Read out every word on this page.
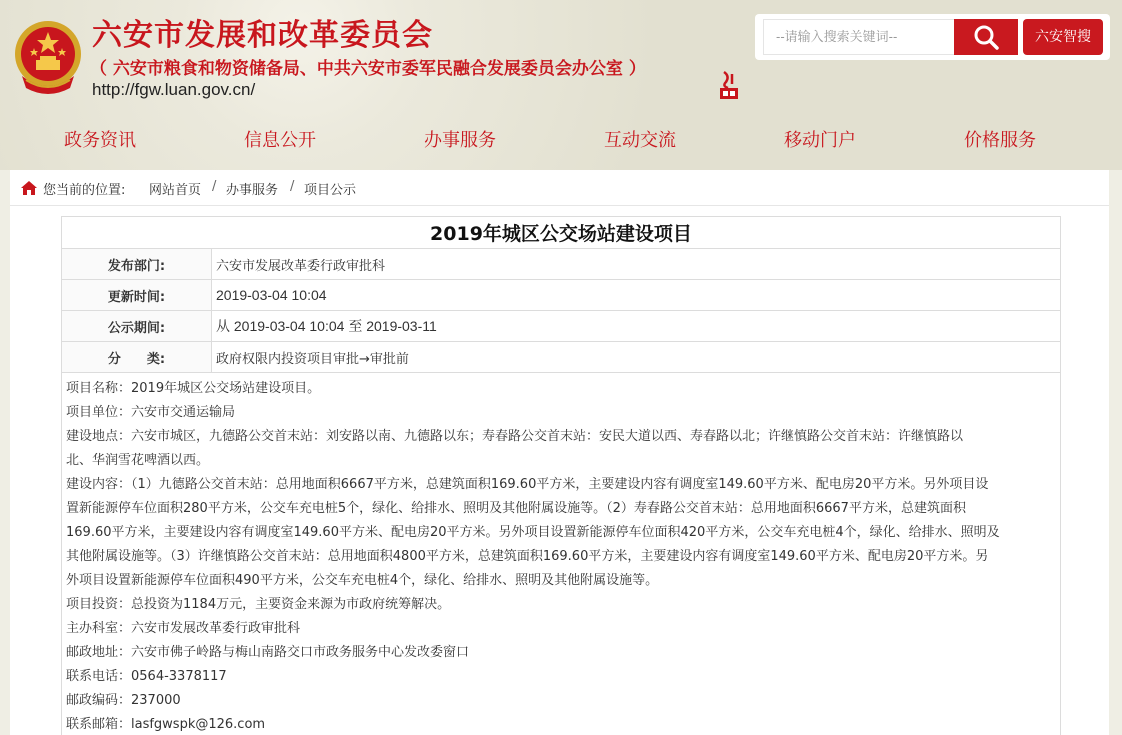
六安市发展和改革委员会
（ 六安市粮食和物资储备局、中共六安市委军民融合发展委员会办公室 ）
http://fgw.luan.gov.cn/
--请输入搜索关键词--	六安智搜
政务资讯	信息公开	办事服务	互动交流	移动门户	价格服务
您当前的位置: 网站首页 / 办事服务 / 项目公示
2019年城区公交场站建设项目	
发布部门:	六安市发展改革委行政审批科
更新时间:	2019-03-04 10:04
公示期间:	从 2019-03-04 10:04 至 2019-03-11
分　　类:	政府权限内投资项目审批→审批前
项目名称：2019年城区公交场站建设项目。
项目单位：六安市交通运输局
建设地点：六安市城区，九德路公交首末站：刘安路以南、九德路以东；寿春路公交首末站：安民大道以西、寿春路以北；许继慎路公交首末站：许继慎路以
北、华润雪花啤酒以西。
建设内容：（1）九德路公交首末站：总用地面积6667平方米，总建筑面积169.60平方米，主要建设内容有调度室149.60平方米、配电房20平方米。另外项目设
置新能源停车位面积280平方米，公交车充电桩5个，绿化、给排水、照明及其他附属设施等。（2）寿春路公交首末站：总用地面积6667平方米，总建筑面积
169.60平方米，主要建设内容有调度室149.60平方米、配电房20平方米。另外项目设置新能源停车位面积420平方米，公交车充电桩4个，绿化、给排水、照明及
其他附属设施等。（3）许继慎路公交首末站：总用地面积4800平方米，总建筑面积169.60平方米，主要建设内容有调度室149.60平方米、配电房20平方米。另
外项目设置新能源停车位面积490平方米，公交车充电桩4个，绿化、给排水、照明及其他附属设施等。
项目投资：总投资为1184万元，主要资金来源为市政府统筹解决。
主办科室：六安市发展改革委行政审批科
邮政地址：六安市佛子岭路与梅山南路交口市政务服务中心发改委窗口
联系电话：0564-3378117
邮政编码：237000
联系邮箱：lasfgwspk@126.com
